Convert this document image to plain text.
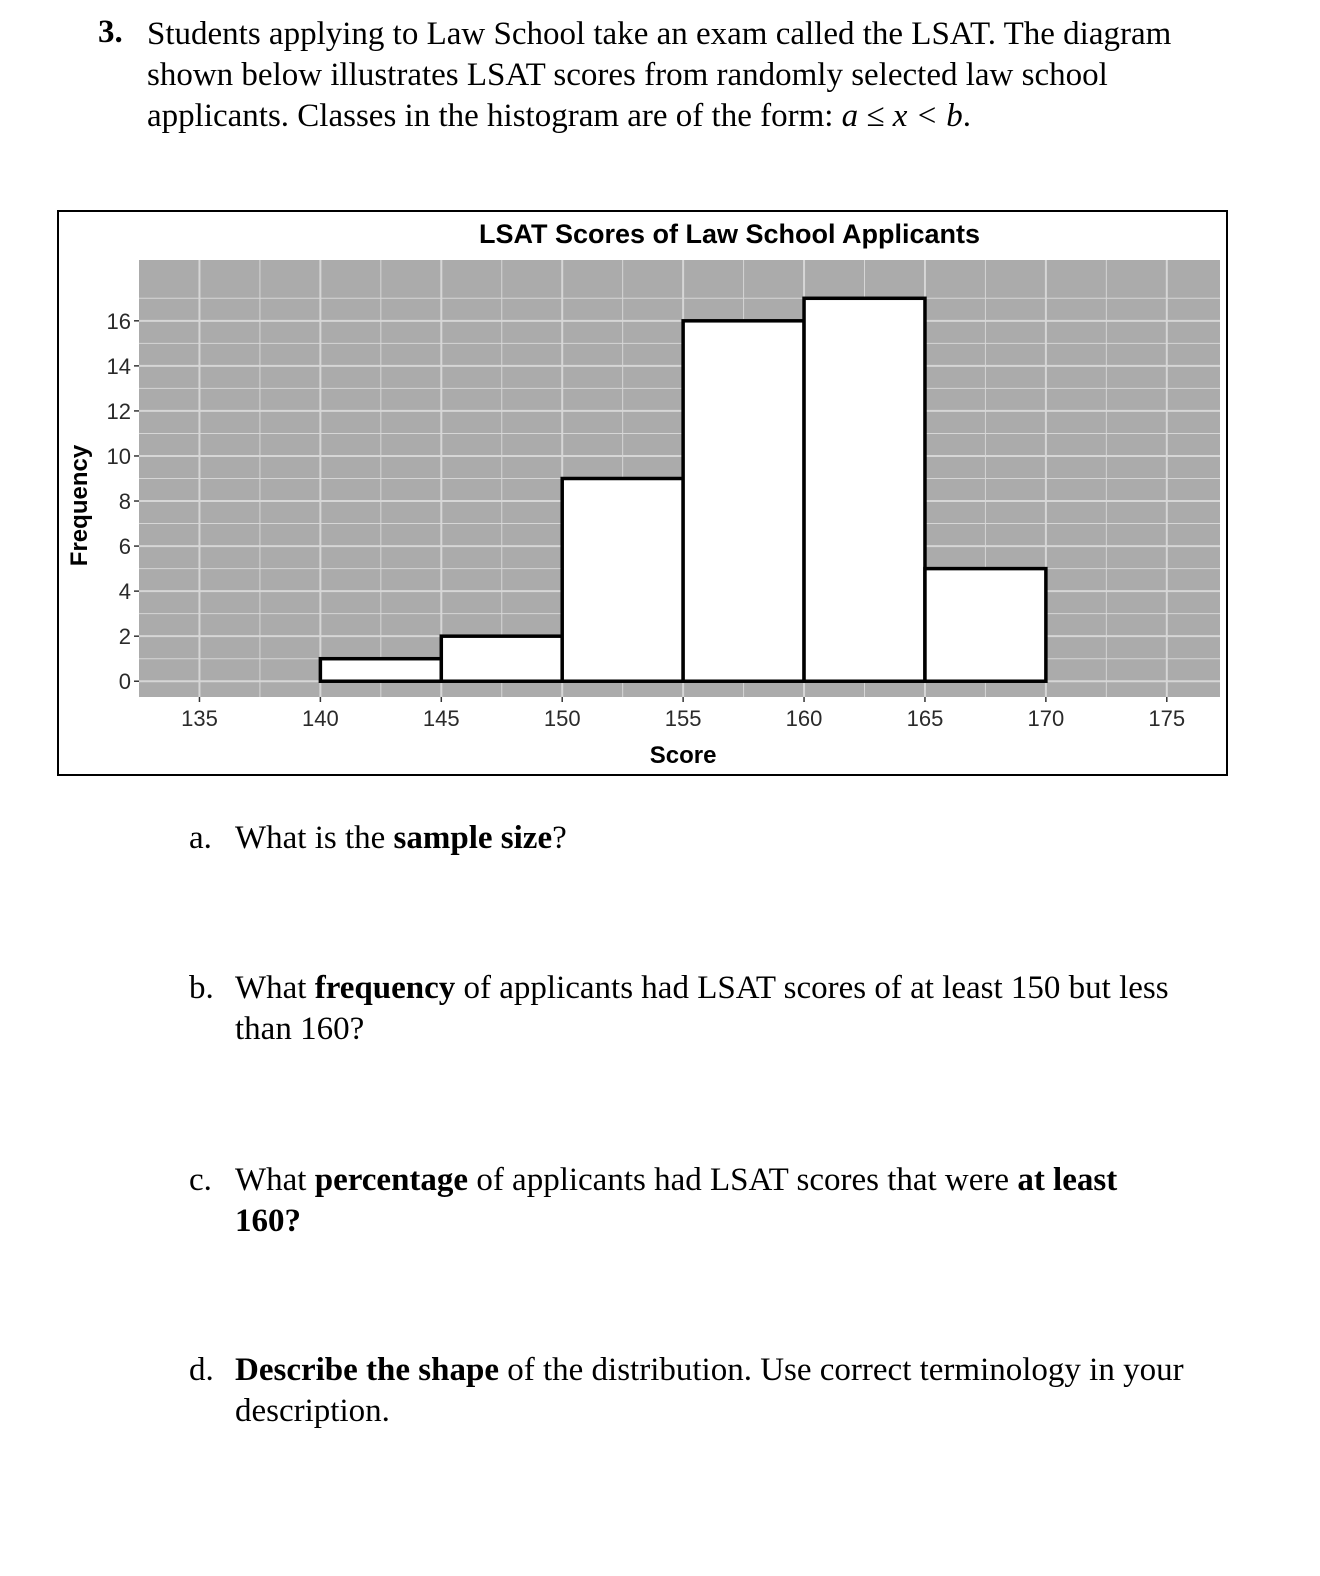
3. Students applying to Law School take an exam called the LSAT. The diagram shown below illustrates LSAT scores from randomly selected law school applicants. Classes in the histogram are of the form: a ≤ x < b.
0
2
4
6
8
10
12
14
16
135	140	145	150	155	160	165	170	175
LSAT Scores of Law School Applicants
Score
Frequency
a. What is the sample size?
b. What frequency of applicants had LSAT scores of at least 150 but less than 160?
c. What percentage of applicants had LSAT scores that were at least 160?
d. Describe the shape of the distribution. Use correct terminology in your description.
